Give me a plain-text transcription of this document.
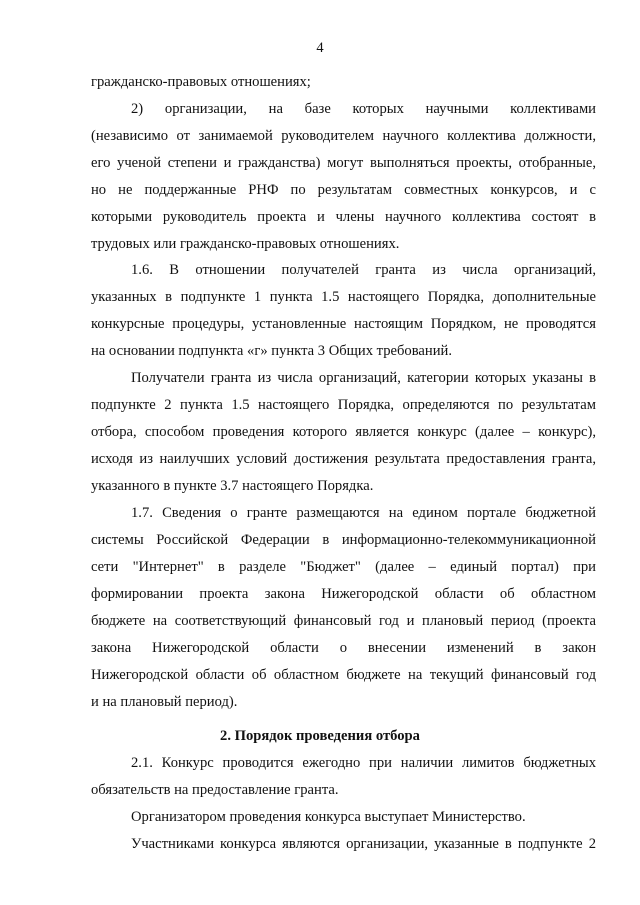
4
гражданско-правовых отношениях;
2) организации, на базе которых научными коллективами
(независимо от занимаемой руководителем научного коллектива должности,
его ученой степени и гражданства) могут выполняться проекты, отобранные,
но не поддержанные РНФ по результатам совместных конкурсов, и с
которыми руководитель проекта и члены научного коллектива состоят в
трудовых или гражданско-правовых отношениях.
1.6. В отношении получателей гранта из числа организаций,
указанных в подпункте 1 пункта 1.5 настоящего Порядка, дополнительные
конкурсные процедуры, установленные настоящим Порядком, не проводятся
на основании подпункта «г» пункта 3 Общих требований.
Получатели гранта из числа организаций, категории которых указаны в
подпункте 2 пункта 1.5 настоящего Порядка, определяются по результатам
отбора, способом проведения которого является конкурс (далее – конкурс),
исходя из наилучших условий достижения результата предоставления гранта,
указанного в пункте 3.7 настоящего Порядка.
1.7. Сведения о гранте размещаются на едином портале бюджетной
системы Российской Федерации в информационно-телекоммуникационной
сети "Интернет" в разделе "Бюджет" (далее – единый портал) при
формировании проекта закона Нижегородской области об областном
бюджете на соответствующий финансовый год и плановый период (проекта
закона Нижегородской области о внесении изменений в закон
Нижегородской области об областном бюджете на текущий финансовый год
и на плановый период).
2. Порядок проведения отбора
2.1. Конкурс проводится ежегодно при наличии лимитов бюджетных
обязательств на предоставление гранта.
Организатором проведения конкурса выступает Министерство.
Участниками конкурса являются организации, указанные в подпункте 2
